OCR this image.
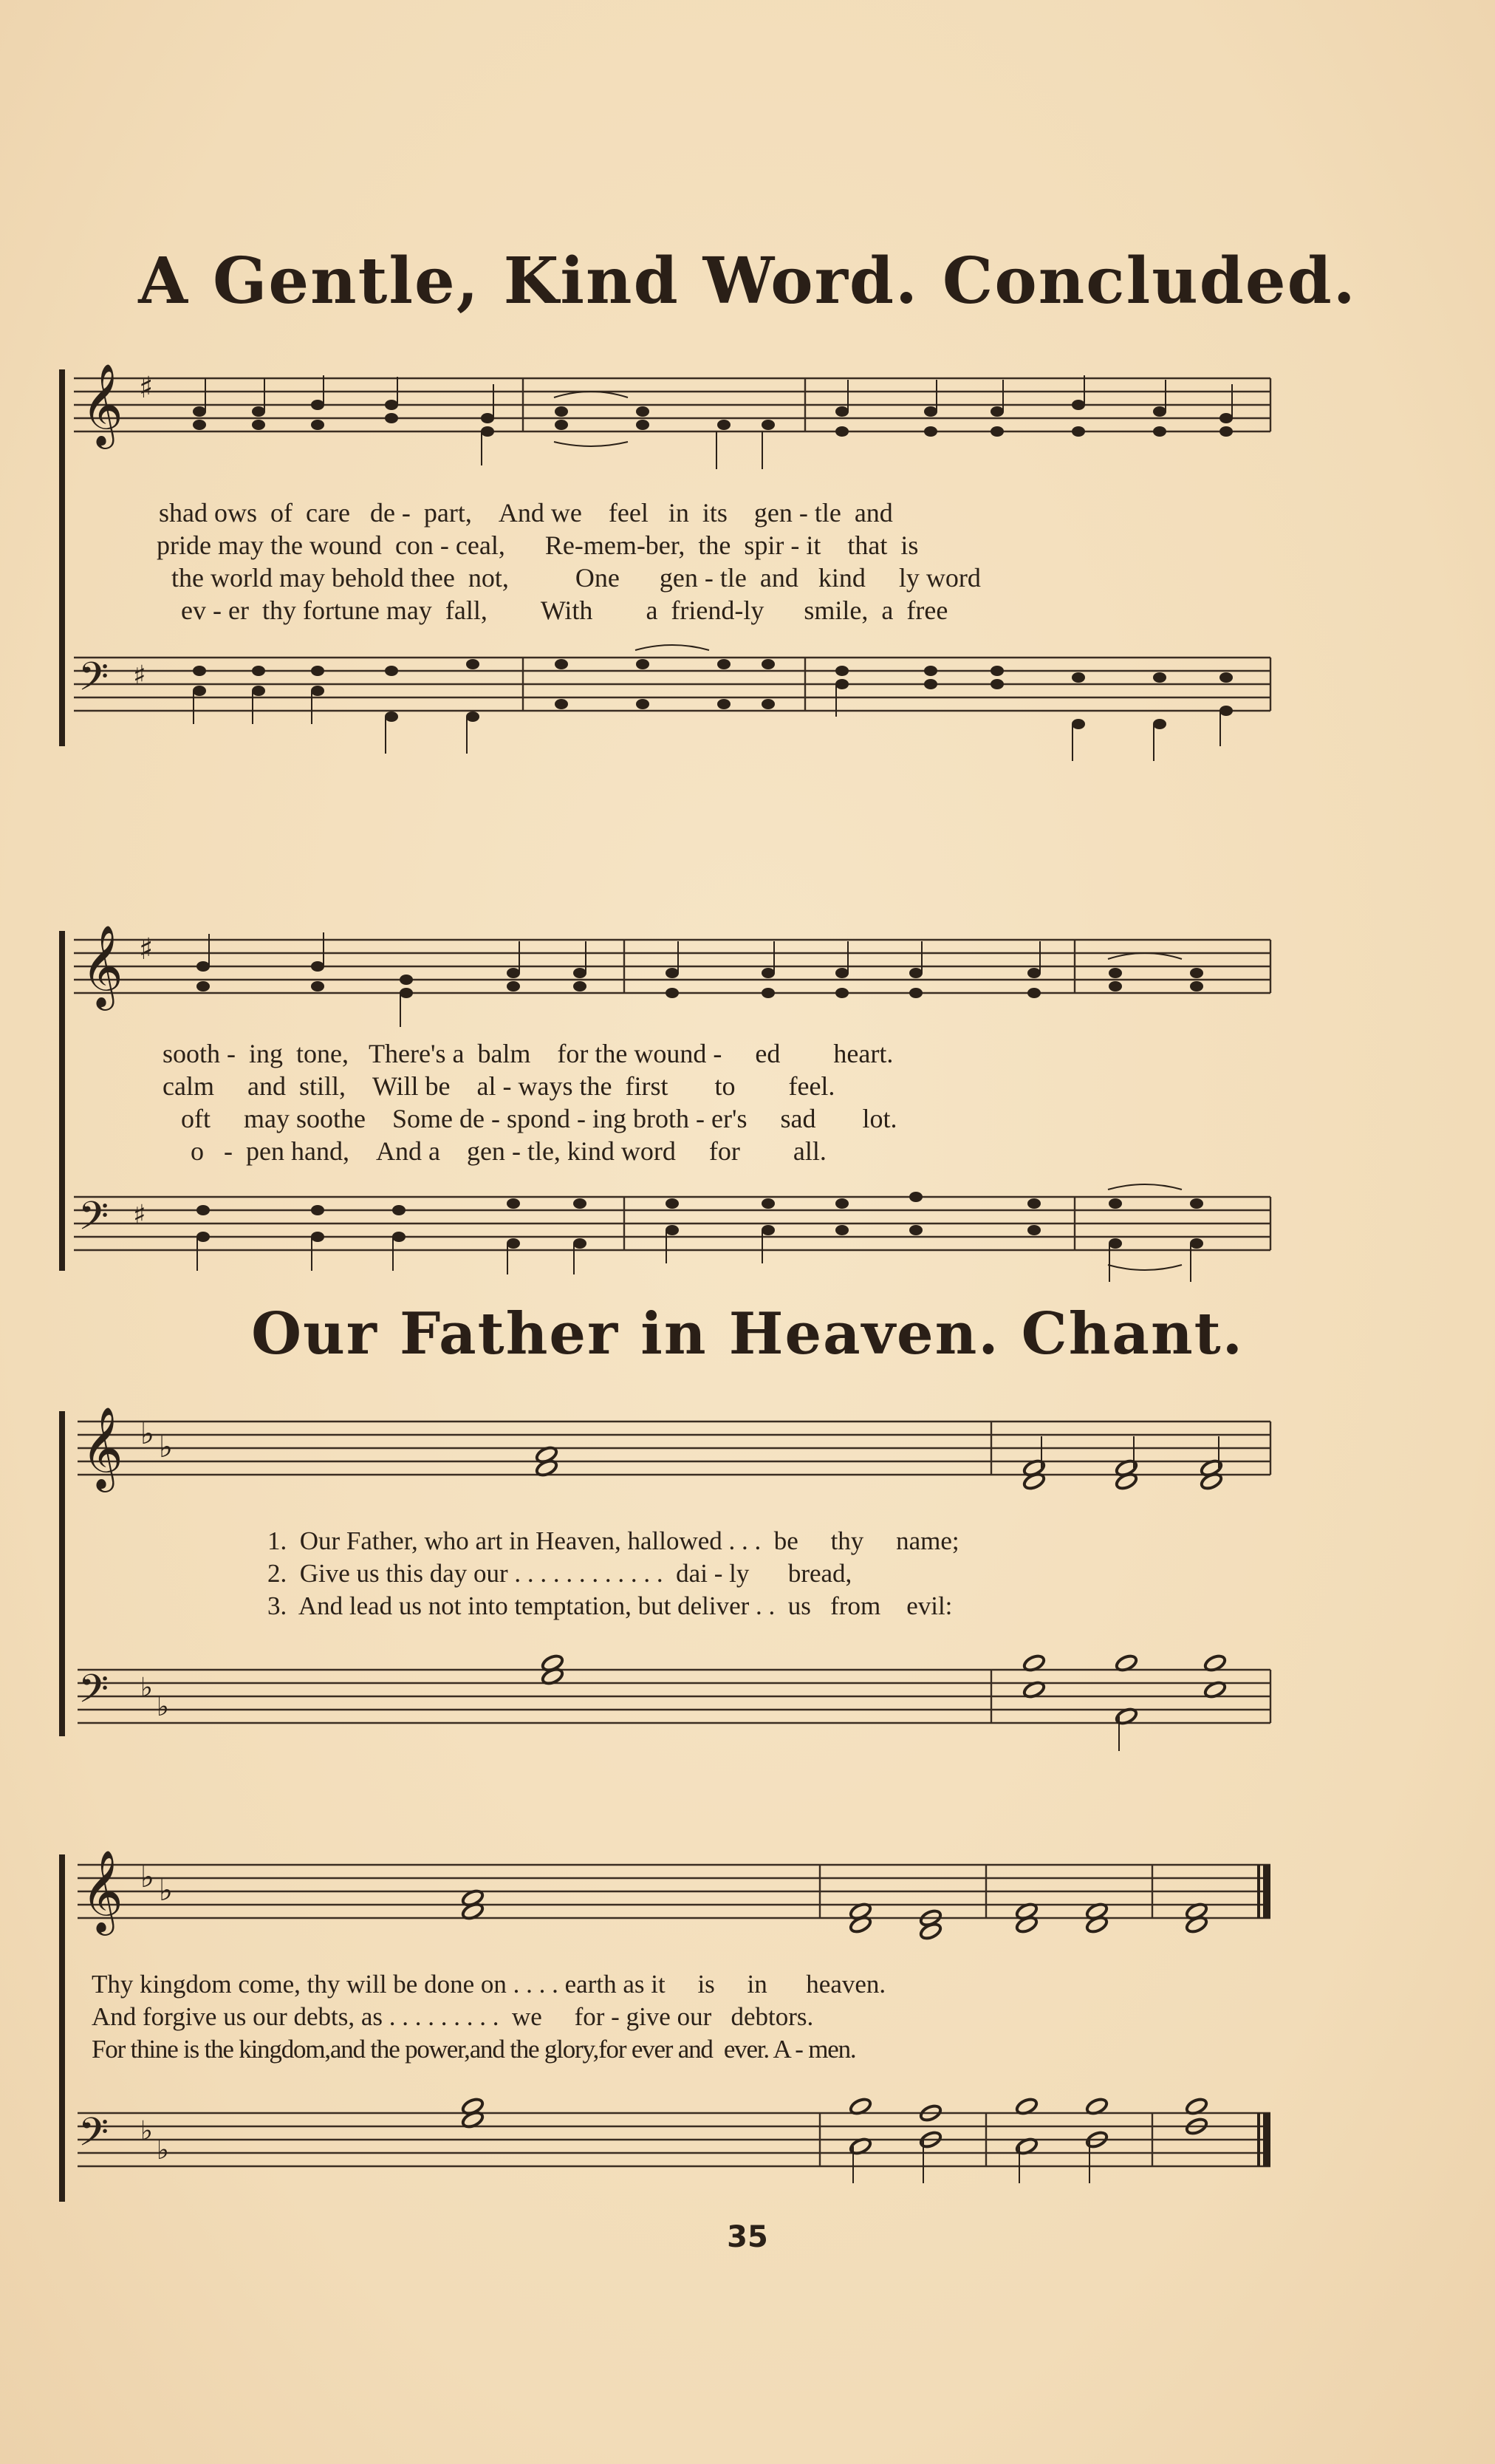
A Gentle, Kind Word. Concluded.
𝄞 ♯
shad ows of care de - part, And we feel in its gen - tle and
pride may the wound con - ceal, Re-mem-ber, the spir - it that is
the world may behold thee not,	One gen - tle and kind ly word
ev - er thy fortune may fall, With a friend-ly smile, a free
𝄢 ♯
𝄞 ♯
sooth - ing tone, There's a balm for the wound - ed heart.
calm and still, Will be al - ways the first to feel.
oft may soothe Some de - spond - ing broth - er's sad lot.
o - pen hand, And a gen - tle, kind word for all.
𝄢 ♯
Our Father in Heaven. Chant.
𝄞 ♭ ♭
1. Our Father, who art in Heaven, hallowed . . . be thy name;
2. Give us this day our . . . . . . . . . . . . dai - ly bread,
3. And lead us not into temptation, but deliver . . us from evil:
𝄢 ♭
♭
𝄞 ♭ ♭
Thy kingdom come, thy will be done on . . . . earth as it is in heaven.
And forgive us our debts, as . . . . . . . . . we for - give our debtors.
For thine is the kingdom,and the power,and the glory,for ever and ever. A - men.
𝄢 ♭
♭
35
